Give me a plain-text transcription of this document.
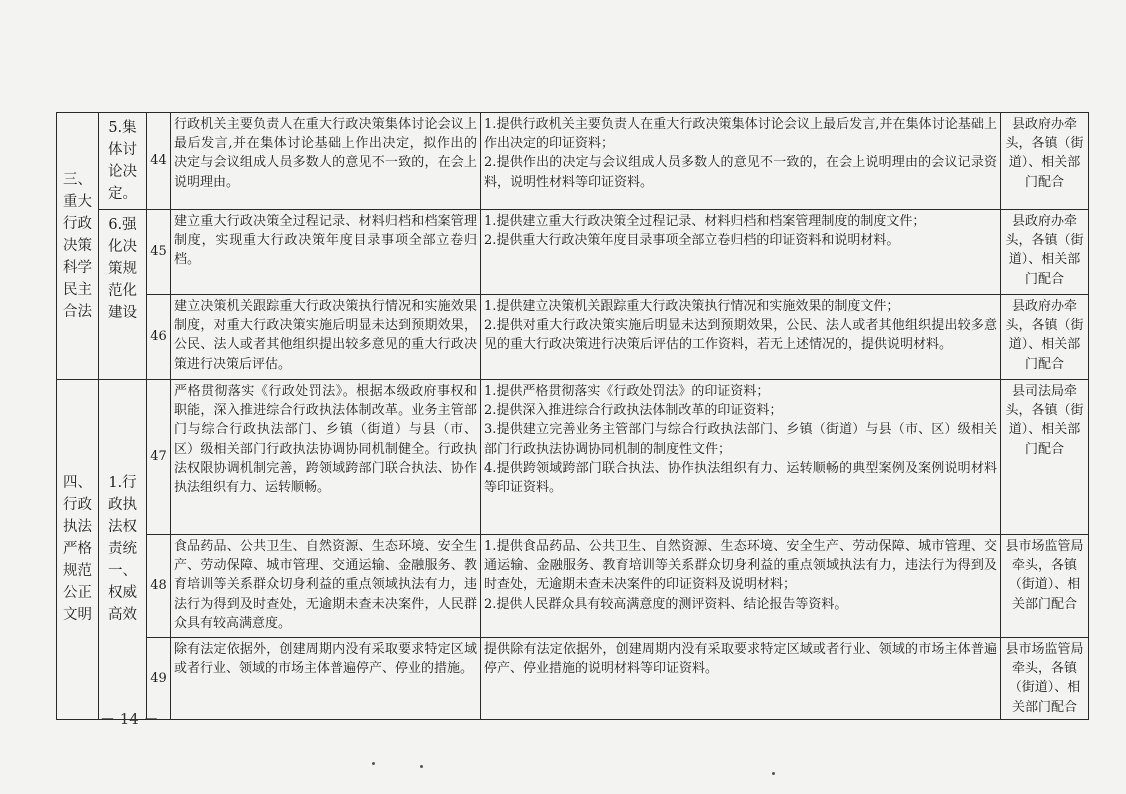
三、重大行政决策科学民主合法	5.集体讨论决定。	44	行政机关主要负责人在重大行政决策集体讨论会议上最后发言,并在集体讨论基础上作出决定，拟作出的决定与会议组成人员多数人的意见不一致的，在会上说明理由。	1.提供行政机关主要负责人在重大行政决策集体讨论会议上最后发言,并在集体讨论基础上作出决定的印证资料；
2.提供作出的决定与会议组成人员多数人的意见不一致的，在会上说明理由的会议记录资料，说明性材料等印证资料。	县政府办牵头，各镇（街道）、相关部门配合
	6.强化决策规范化建设	45	建立重大行政决策全过程记录、材料归档和档案管理制度，实现重大行政决策年度目录事项全部立卷归档。	1.提供建立重大行政决策全过程记录、材料归档和档案管理制度的制度文件；
2.提供重大行政决策年度目录事项全部立卷归档的印证资料和说明材料。	县政府办牵头，各镇（街道）、相关部门配合
		46	建立决策机关跟踪重大行政决策执行情况和实施效果制度，对重大行政决策实施后明显未达到预期效果，公民、法人或者其他组织提出较多意见的重大行政决策进行决策后评估。	1.提供建立决策机关跟踪重大行政决策执行情况和实施效果的制度文件；
2.提供对重大行政决策实施后明显未达到预期效果，公民、法人或者其他组织提出较多意见的重大行政决策进行决策后评估的工作资料，若无上述情况的，提供说明材料。	县政府办牵头，各镇（街道）、相关部门配合
四、行政执法严格规范公正文明	1.行政执法权责统一、权威高效	47	严格贯彻落实《行政处罚法》。根据本级政府事权和职能，深入推进综合行政执法体制改革。业务主管部门与综合行政执法部门、乡镇（街道）与县（市、区）级相关部门行政执法协调协同机制健全。行政执法权限协调机制完善，跨领域跨部门联合执法、协作执法组织有力、运转顺畅。	1.提供严格贯彻落实《行政处罚法》的印证资料；
2.提供深入推进综合行政执法体制改革的印证资料；
3.提供建立完善业务主管部门与综合行政执法部门、乡镇（街道）与县（市、区）级相关部门行政执法协调协同机制的制度性文件；
4.提供跨领域跨部门联合执法、协作执法组织有力、运转顺畅的典型案例及案例说明材料等印证资料。	县司法局牵头，各镇（街道）、相关部门配合
		48	食品药品、公共卫生、自然资源、生态环境、安全生产、劳动保障、城市管理、交通运输、金融服务、教育培训等关系群众切身利益的重点领域执法有力，违法行为得到及时查处，无逾期未查未决案件，人民群众具有较高满意度。	1.提供食品药品、公共卫生、自然资源、生态环境、安全生产、劳动保障、城市管理、交通运输、金融服务、教育培训等关系群众切身利益的重点领域执法有力，违法行为得到及时查处，无逾期未查未决案件的印证资料及说明材料；
2.提供人民群众具有较高满意度的测评资料、结论报告等资料。	县市场监管局牵头，各镇（街道）、相关部门配合
		49	除有法定依据外，创建周期内没有采取要求特定区域或者行业、领域的市场主体普遍停产、停业的措施。	提供除有法定依据外，创建周期内没有采取要求特定区域或者行业、领域的市场主体普遍停产、停业措施的说明材料等印证资料。	县市场监管局牵头，各镇（街道）、相关部门配合
－ 14 －
